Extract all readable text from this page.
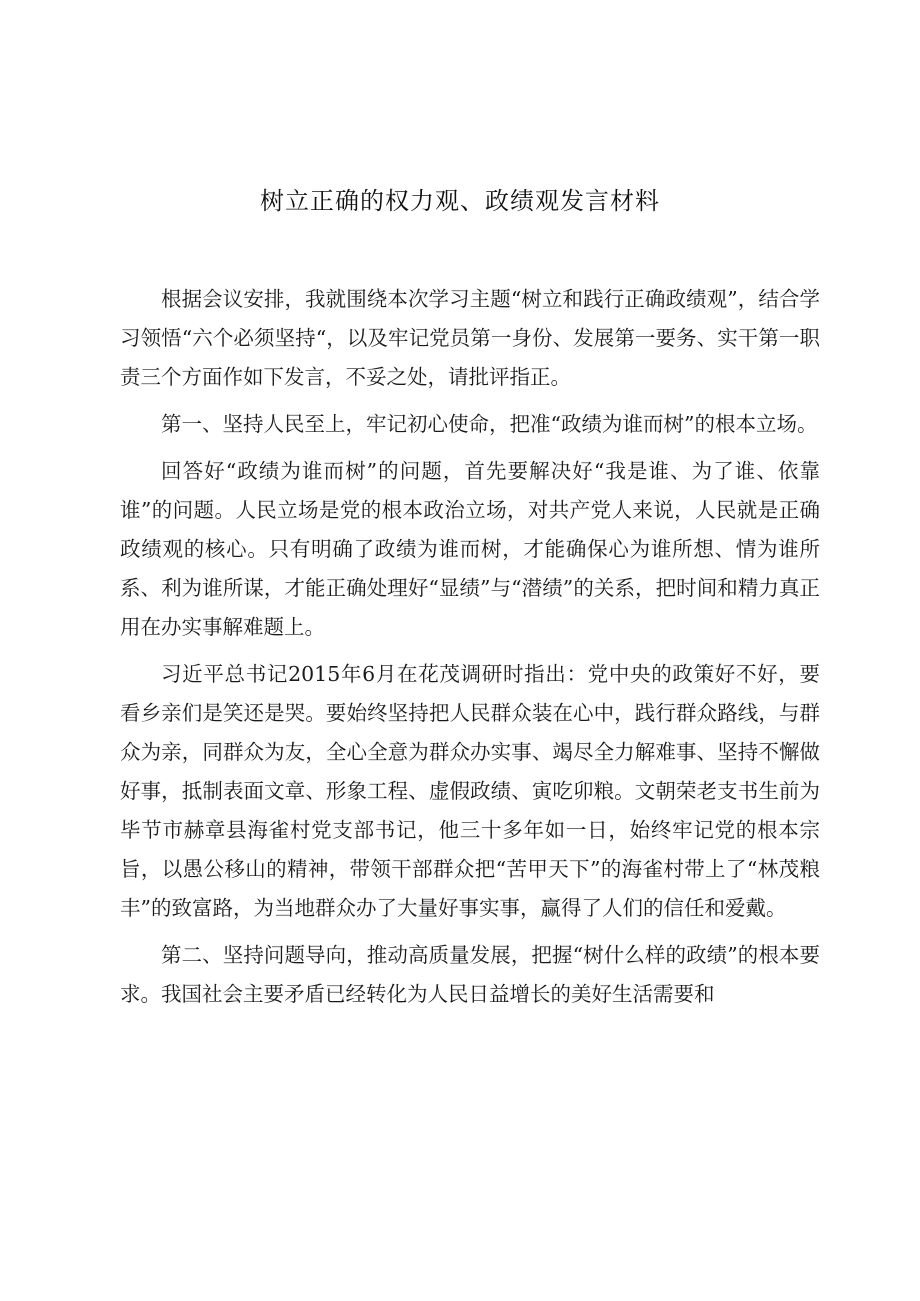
树立正确的权力观、政绩观发言材料

根据会议安排，我就围绕本次学习主题“树立和践行正确政绩观”，结合学习领悟“六个必须坚持“，以及牢记党员第一身份、发展第一要务、实干第一职责三个方面作如下发言，不妥之处，请批评指正。

第一、坚持人民至上，牢记初心使命，把准“政绩为谁而树”的根本立场。

回答好“政绩为谁而树”的问题，首先要解决好“我是谁、为了谁、依靠谁”的问题。人民立场是党的根本政治立场，对共产党人来说，人民就是正确政绩观的核心。只有明确了政绩为谁而树，才能确保心为谁所想、情为谁所系、利为谁所谋，才能正确处理好“显绩”与“潜绩”的关系，把时间和精力真正用在办实事解难题上。

习近平总书记2015年6月在花茂调研时指出：党中央的政策好不好，要看乡亲们是笑还是哭。要始终坚持把人民群众装在心中，践行群众路线，与群众为亲，同群众为友，全心全意为群众办实事、竭尽全力解难事、坚持不懈做好事，抵制表面文章、形象工程、虚假政绩、寅吃卯粮。文朝荣老支书生前为毕节市赫章县海雀村党支部书记，他三十多年如一日，始终牢记党的根本宗旨，以愚公移山的精神，带领干部群众把“苦甲天下”的海雀村带上了“林茂粮丰”的致富路，为当地群众办了大量好事实事，赢得了人们的信任和爱戴。

第二、坚持问题导向，推动高质量发展，把握“树什么样的政绩”的根本要求。我国社会主要矛盾已经转化为人民日益增长的美好生活需要和
